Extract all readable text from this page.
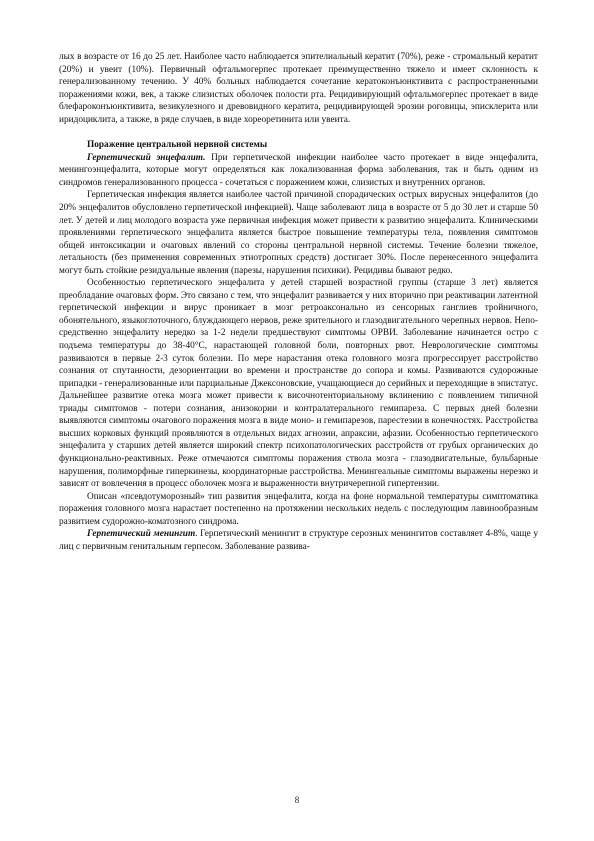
лых в возрасте от 16 до 25 лет. Наиболее часто наблюдается эпителиальный кератит (70%), реже - стромальный кератит (20%) и увеит (10%). Первичный офтальмогерпес протекает преимущественно тяжело и имеет склонность к генерализованному течению. У 40% больных наблюдается сочетание кератоконъюнктивита с распространенными поражениями кожи, век, а также слизистых оболочек полости рта. Рецидивирующий офтальмогерпес протекает в виде блефароконъюнктивита, везикулезного и древовидного кератита, рецидивирующей эрозии роговицы, эписклерита или иридоциклита, а также, в ряде случаев, в виде хореоретинита или увеита.

Поражение центральной нервной системы

Герпетический энцефалит. При герпетической инфекции наиболее часто протекает в виде энцефалита, менингоэнцефалита, которые могут определяться как локализованная форма заболевания, так и быть одним из синдромов генерализованного процесса - сочетаться с поражением кожи, слизистых и внутренних органов.

Герпетическая инфекция является наиболее частой причиной спорадических острых вирусных энцефалитов (до 20% энцефалитов обусловлено герпетической инфекцией). Чаще заболевают лица в возрасте от 5 до 30 лет и старше 50 лет. У детей и лиц молодого возраста уже первичная инфекция может привести к развитию энцефалита. Клиническими проявлениями герпетического энцефалита является быстрое повышение температуры тела, появления симптомов общей интоксикации и очаговых явлений со стороны центральной нервной системы. Течение болезни тяжелое, летальность (без применения современных этиотропных средств) достигает 30%. После перенесенного энцефалита могут быть стойкие резидуальные явления (парезы, нарушения психики). Рецидивы бывают редко.

Особенностью герпетического энцефалита у детей старшей возрастной группы (старше 3 лет) является преобладание очаговых форм. Это связано с тем, что энцефалит развивается у них вторично при реактивации латентной герпетической инфекции и вирус проникает в мозг ретроаксонально из сенсорных ганглиев тройничного, обонятельного, языкоглоточного, блуждающего нервов, реже зрительного и глазодвигательного черепных нервов. Непосредственно энцефалиту нередко за 1-2 недели предшествуют симптомы ОРВИ. Заболевание начинается остро с подъема температуры до 38-40°С, нарастающей головной боли, повторных рвот. Неврологические симптомы развиваются в первые 2-3 суток болезни. По мере нарастания отека головного мозга прогрессирует расстройство сознания от спутанности, дезориентации во времени и пространстве до сопора и комы. Развиваются судорожные припадки - генерализованные или парциальные Джексоновские, учащающиеся до серийных и переходящие в эпистатус. Дальнейшее развитие отека мозга может привести к височнотенториальному вклинению с появлением типичной триады симптомов - потери сознания, анизокории и контралатерального гемипареза. С первых дней болезни выявляются симптомы очагового поражения мозга в виде моно- и гемипарезов, парестезии в конечностях. Расстройства высших корковых функций проявляются в отдельных видах агнозии, апраксии, афазии. Особенностью герпетического энцефалита у старших детей является широкий спектр психопатологических расстройств от грубых органических до функционально-реактивных. Реже отмечаются симптомы поражения ствола мозга - глазодвигательные, бульбарные нарушения, полиморфные гиперкинезы, координаторные расстройства. Менингеальные симптомы выражены нерезко и зависят от вовлечения в процесс оболочек мозга и выраженности внутричерепной гипертензии.

Описан «псевдотуморозный» тип развития энцефалита, когда на фоне нормальной температуры симптоматика поражения головного мозга нарастает постепенно на протяжении нескольких недель с последующим лавинообразным развитием судорожно-коматозного синдрома.

Герпетический менингит. Герпетический менингит в структуре серозных менингитов составляет 4-8%, чаще у лиц с первичным генитальным герпесом. Заболевание развива-

8
